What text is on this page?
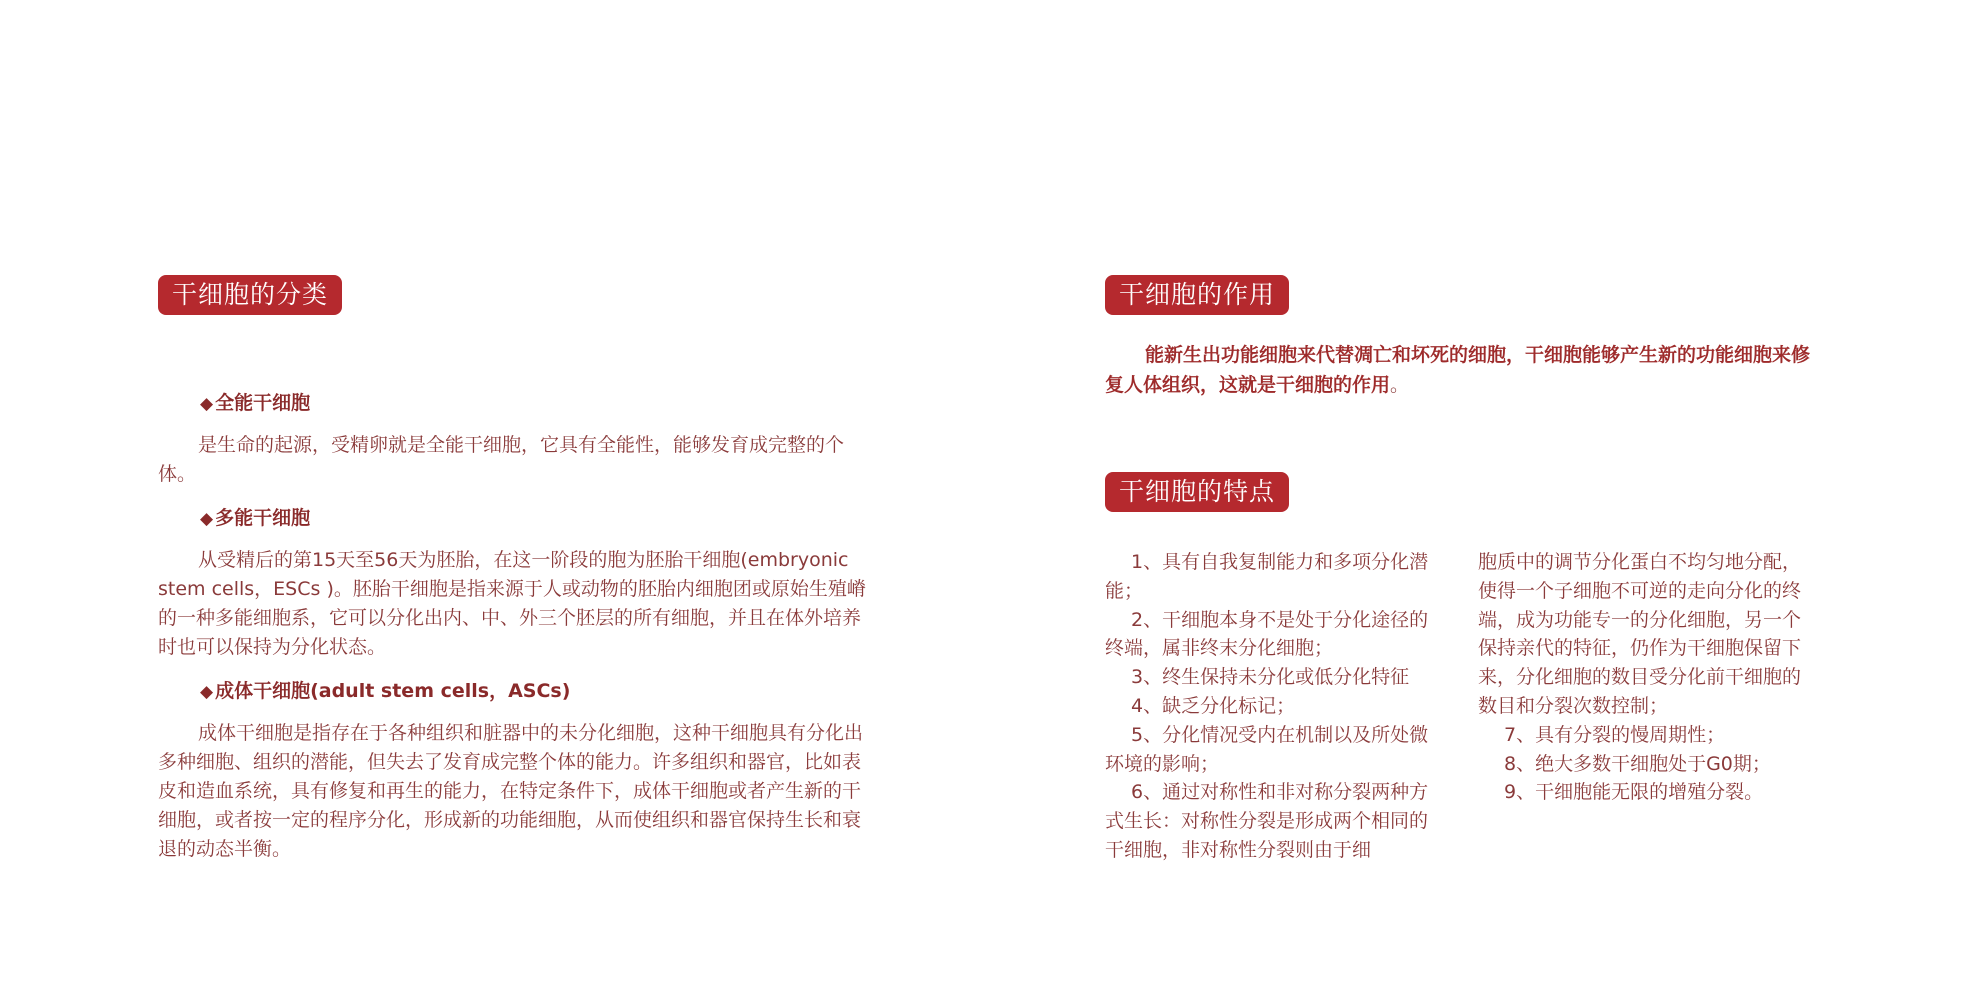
干细胞的分类
◆ 全能干细胞

是生命的起源，受精卵就是全能干细胞，它具有全能性，能够发育成完整的个体。

◆ 多能干细胞

从受精后的第15天至56天为胚胎，在这一阶段的胞为胚胎干细胞(embryonic stem cells，ESCs )。胚胎干细胞是指来源于人或动物的胚胎内细胞团或原始生殖嵴的一种多能细胞系，它可以分化出内、中、外三个胚层的所有细胞，并且在体外培养时也可以保持为分化状态。

◆ 成体干细胞(adult stem cells，ASCs)

成体干细胞是指存在于各种组织和脏器中的未分化细胞，这种干细胞具有分化出多种细胞、组织的潜能，但失去了发育成完整个体的能力。许多组织和器官，比如表皮和造血系统，具有修复和再生的能力，在特定条件下，成体干细胞或者产生新的干细胞，或者按一定的程序分化，形成新的功能细胞，从而使组织和器官保持生长和衰退的动态半衡。

干细胞的作用

能新生出功能细胞来代替凋亡和坏死的细胞，干细胞能够产生新的功能细胞来修复人体组织，这就是干细胞的作用。

干细胞的特点

1、具有自我复制能力和多项分化潜能；

2、干细胞本身不是处于分化途径的终端，属非终末分化细胞；

3、终生保持未分化或低分化特征

4、缺乏分化标记；

5、分化情况受内在机制以及所处微环境的影响；

6、通过对称性和非对称分裂两种方式生长：对称性分裂是形成两个相同的干细胞，非对称性分裂则由于细

胞质中的调节分化蛋白不均匀地分配，使得一个子细胞不可逆的走向分化的终端，成为功能专一的分化细胞，另一个保持亲代的特征，仍作为干细胞保留下来，分化细胞的数目受分化前干细胞的数目和分裂次数控制；

7、具有分裂的慢周期性；

8、绝大多数干细胞处于G0期；

9、干细胞能无限的增殖分裂。
